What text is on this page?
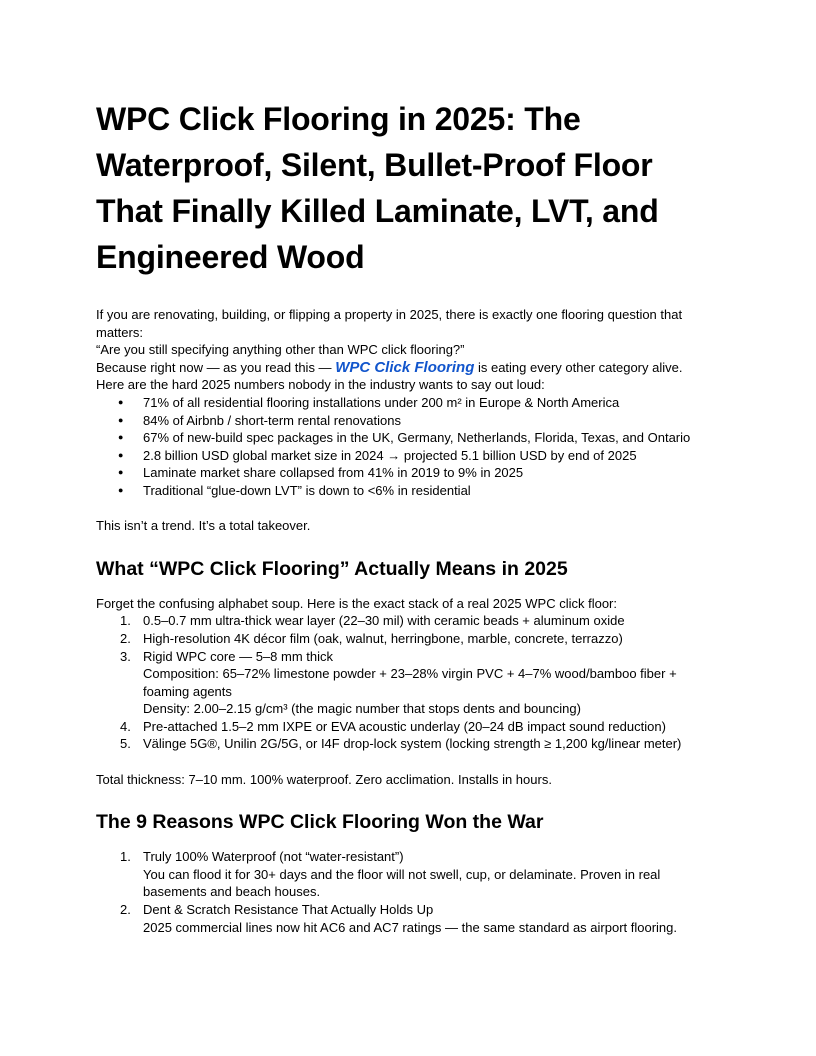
WPC Click Flooring in 2025: The Waterproof, Silent, Bullet-Proof Floor That Finally Killed Laminate, LVT, and Engineered Wood

If you are renovating, building, or flipping a property in 2025, there is exactly one flooring question that matters:

“Are you still specifying anything other than WPC click flooring?”

Because right now — as you read this — WPC Click Flooring is eating every other category alive.

Here are the hard 2025 numbers nobody in the industry wants to say out loud:

● 71% of all residential flooring installations under 200 m² in Europe & North America
● 84% of Airbnb / short-term rental renovations
● 67% of new-build spec packages in the UK, Germany, Netherlands, Florida, Texas, and Ontario
● 2.8 billion USD global market size in 2024 → projected 5.1 billion USD by end of 2025
● Laminate market share collapsed from 41% in 2019 to 9% in 2025
● Traditional “glue-down LVT” is down to <6% in residential

This isn’t a trend. It’s a total takeover.

What “WPC Click Flooring” Actually Means in 2025

Forget the confusing alphabet soup. Here is the exact stack of a real 2025 WPC click floor:

0.5–0.7 mm ultra-thick wear layer (22–30 mil) with ceramic beads + aluminum oxide
High-resolution 4K décor film (oak, walnut, herringbone, marble, concrete, terrazzo)
Rigid WPC core — 5–8 mm thick
Composition: 65–72% limestone powder + 23–28% virgin PVC + 4–7% wood/bamboo fiber + foaming agents
Density: 2.00–2.15 g/cm³ (the magic number that stops dents and bouncing)
Pre-attached 1.5–2 mm IXPE or EVA acoustic underlay (20–24 dB impact sound reduction)
Välinge 5G®, Unilin 2G/5G, or I4F drop-lock system (locking strength ≥ 1,200 kg/linear meter)

Total thickness: 7–10 mm. 100% waterproof. Zero acclimation. Installs in hours.

The 9 Reasons WPC Click Flooring Won the War
Truly 100% Waterproof (not “water-resistant”)
You can flood it for 30+ days and the floor will not swell, cup, or delaminate. Proven in real basements and beach houses.
Dent & Scratch Resistance That Actually Holds Up
2025 commercial lines now hit AC6 and AC7 ratings — the same standard as airport flooring.
